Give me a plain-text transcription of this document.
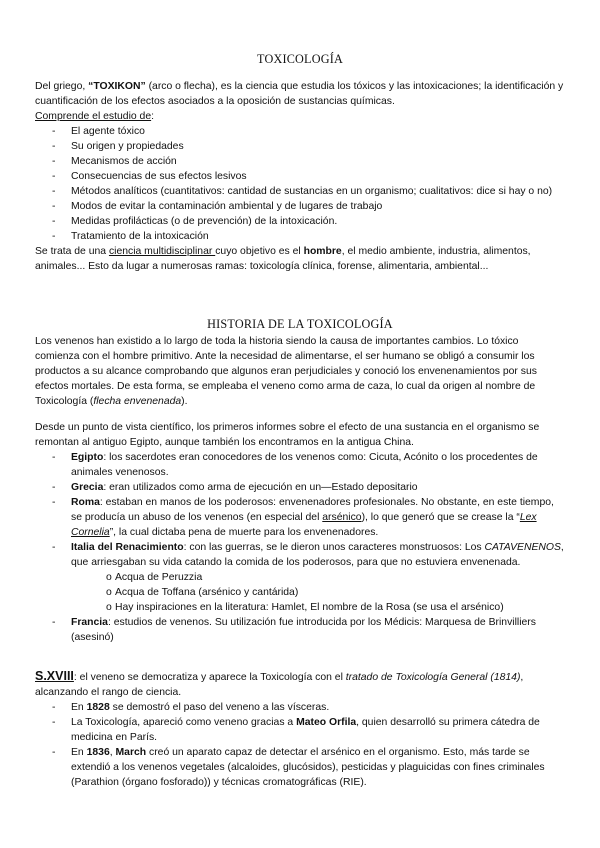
TOXICOLOGÍA

Del griego, “TOXIKON” (arco o flecha), es la ciencia que estudia los tóxicos y las intoxicaciones; la identificación y cuantificación de los efectos asociados a la oposición de sustancias químicas.

Comprende el estudio de:

- El agente tóxico
- Su origen y propiedades
- Mecanismos de acción
- Consecuencias de sus efectos lesivos
- Métodos analíticos (cuantitativos: cantidad de sustancias en un organismo; cualitativos: dice si hay o no)
- Modos de evitar la contaminación ambiental y de lugares de trabajo
- Medidas profilácticas (o de prevención) de la intoxicación.
- Tratamiento de la intoxicación

Se trata de una ciencia multidisciplinar cuyo objetivo es el hombre, el medio ambiente, industria, alimentos, animales... Esto da lugar a numerosas ramas: toxicología clínica, forense, alimentaria, ambiental...

HISTORIA DE LA TOXICOLOGÍA

Los venenos han existido a lo largo de toda la historia siendo la causa de importantes cambios. Lo tóxico comienza con el hombre primitivo. Ante la necesidad de alimentarse, el ser humano se obligó a consumir los productos a su alcance comprobando que algunos eran perjudiciales y conoció los envenenamientos por sus efectos mortales. De esta forma, se empleaba el veneno como arma de caza, lo cual da origen al nombre de Toxicología (flecha envenenada).

Desde un punto de vista científico, los primeros informes sobre el efecto de una sustancia en el organismo se remontan al antiguo Egipto, aunque también los encontramos en la antigua China.

- Egipto: los sacerdotes eran conocedores de los venenos como: Cicuta, Acónito o los procedentes de animales venenosos.
- Grecia: eran utilizados como arma de ejecución en un—Estado depositario
- Roma: estaban en manos de los poderosos: envenenadores profesionales. No obstante, en este tiempo, se producía un abuso de los venenos (en especial del arsénico), lo que generó que se crease la “Lex Cornelia”, la cual dictaba pena de muerte para los envenenadores.
- Italia del Renacimiento: con las guerras, se le dieron unos caracteres monstruosos: Los CATAVENENOS, que arriesgaban su vida catando la comida de los poderosos, para que no estuviera envenenada.
o Acqua de Peruzzia
o Acqua de Toffana (arsénico y cantárida)
o Hay inspiraciones en la literatura: Hamlet, El nombre de la Rosa (se usa el arsénico)
- Francia: estudios de venenos. Su utilización fue introducida por los Médicis: Marquesa de Brinvilliers (asesinó)

S.XVIII: el veneno se democratiza y aparece la Toxicología con el tratado de Toxicología General (1814), alcanzando el rango de ciencia.

- En 1828 se demostró el paso del veneno a las vísceras.
- La Toxicología, apareció como veneno gracias a Mateo Orfila, quien desarrolló su primera cátedra de medicina en París.
- En 1836, March creó un aparato capaz de detectar el arsénico en el organismo. Esto, más tarde se extendió a los venenos vegetales (alcaloides, glucósidos), pesticidas y plaguicidas con fines criminales (Parathion (órgano fosforado)) y técnicas cromatográficas (RIE).
